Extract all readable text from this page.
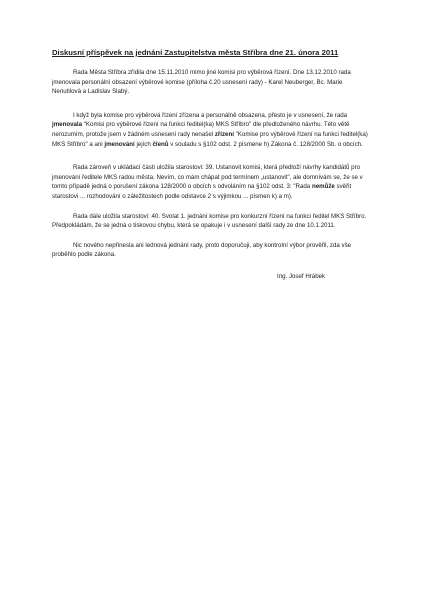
Diskusní příspěvek na jednání Zastupitelstva města Stříbra dne 21. února 2011
Rada Města Stříbra zřídila dne 15.11.2010 mimo jiné komisi pro výběrová řízení. Dne 13.12.2010 rada jmenovala personální obsazení výběrové komise (příloha č.20 usnesení rady) - Karel Neuberger, Bc. Marie Nenutilová a Ladislav Slabý.
I když byla komise pro výběrová řízení zřízena a personálně obsazena, přesto je v usnesení, že rada jmenovala "Komisi pro výběrové řízení na funkci ředitel(ka) MKS Stříbro" dle předloženého návrhu. Této větě nerozumím, protože jsem v žádném usnesení rady nenašel zřízení "Komise pro výběrové řízení na funkci ředitel(ka) MKS Stříbro" a ani jmenování jejích členů v souladu s §102 odst. 2 písmene h) Zákona č. 128/2000 Sb. o obcích.
Rada zároveň v ukládací části uložila starostovi: 39. Ustanovit komisi, která předloží návrhy kandidátů pro jmenování ředitele MKS radou města. Nevím, co mám chápat pod termínem „ustanovit", ale domnívám se, že se v tomto případě jedná o porušení zákona 128/2000 o obcích s odvoláním na §102 odst. 3: "Rada nemůže svěřit starostovi ... rozhodování o záležitostech podle odstavce 2 s výjimkou ... písmen k) a m).
Rada dále uložila starostovi: 40. Svolat 1. jednání komise pro konkurzní řízení na funkci ředitel MKS Stříbro. Předpokládám, že se jedná o tiskovou chybu, která se opakuje i v usnesení další rady ze dne 10.1.2011.
Nic nového nepřinesla ani lednová jednání rady, proto doporučuji, aby kontrolní výbor prověřil, zda vše proběhlo podle zákona.
Ing. Josef Hrábek
